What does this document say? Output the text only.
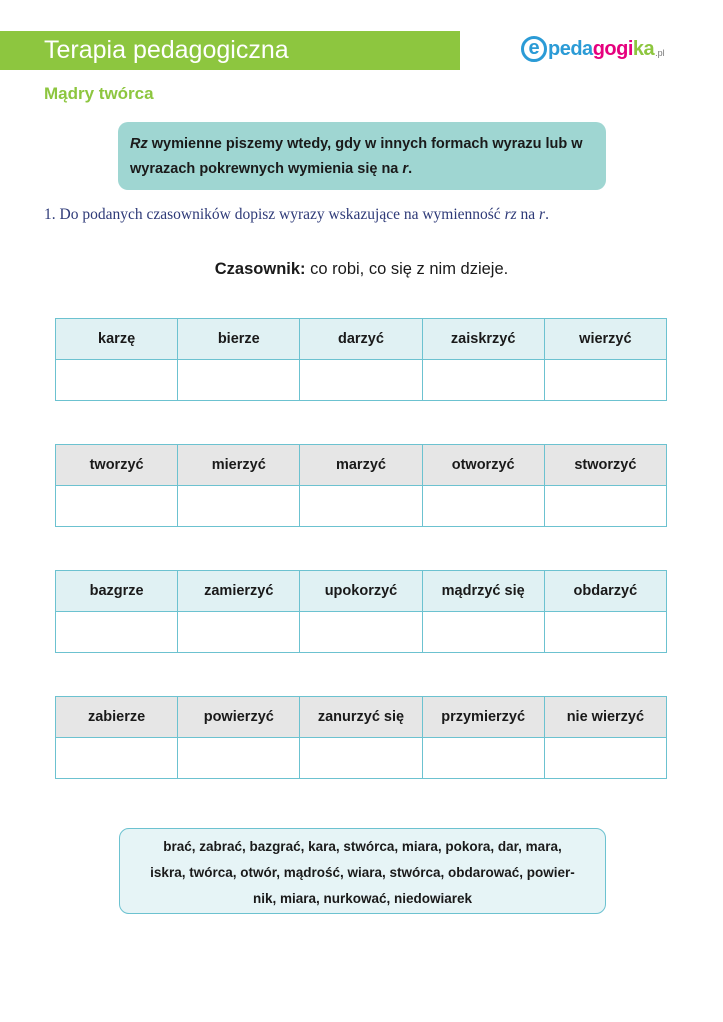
Terapia pedagogiczna	e pedagogika .pl
Mądry twórca
Rz wymienne piszemy wtedy, gdy w innych formach wyrazu lub w wyrazach pokrewnych wymienia się na r.
1. Do podanych czasowników dopisz wyrazy wskazujące na wymienność rz na r.
Czasownik: co robi, co się z nim dzieje.
karzę	bierze	darzyć	zaiskrzyć	wierzyć

tworzyć	mierzyć	marzyć	otworzyć	stworzyć

bazgrze	zamierzyć	upokorzyć	mądrzyć się	obdarzyć

zabierze	powierzyć	zanurzyć się	przymierzyć	nie wierzyć

brać, zabrać, bazgrać, kara, stwórca, miara, pokora, dar, mara,
iskra, twórca, otwór, mądrość, wiara, stwórca, obdarować, powier-
nik, miara, nurkować, niedowiarek
